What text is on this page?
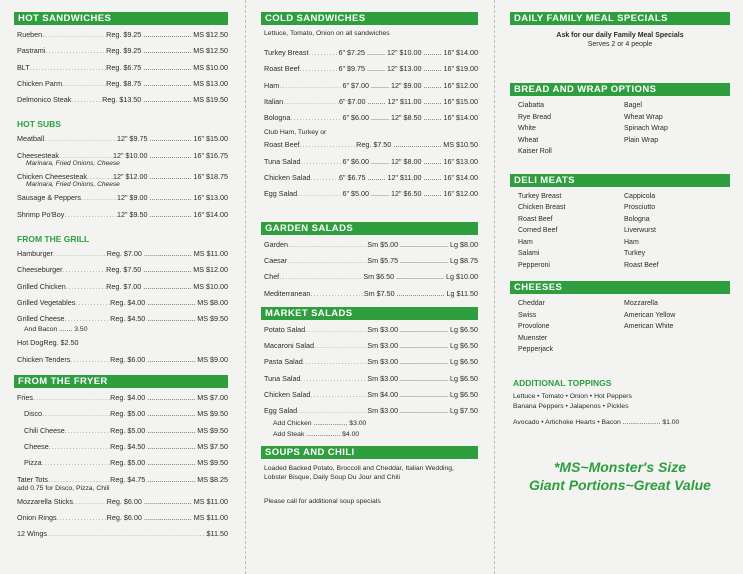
HOT SANDWICHES
Rueben .....	Reg. $9.25 ........................ MS $12.50
Pastrami .....	Reg. $9.25 ........................ MS $12.50
BLT .....	Reg. $6.75 ........................ MS $10.00
Chicken Parm .....	Reg. $8.75 ........................ MS $13.00
Delmonico Steak .....	Reg. $13.50 ........................ MS $19.50
HOT SUBS
Meatball .....	12" $9.75 ..................... 16" $15.00
Cheesesteak .....	12" $10.00 ..................... 16" $16.75
Marinara, Fried Onions, Cheese
Chicken Cheesesteak .....	12" $12.00 ..................... 16" $18.75
Marinara, Fried Onions, Cheese
Sausage & Peppers .....	12" $9.00 ..................... 16" $13.00
Shrimp Po'Boy .....	12" $9.50 ..................... 16" $14.00
FROM THE GRILL
Hamburger .....	Reg. $7.00 ........................ MS $11.00
Cheeseburger .....	Reg. $7.50 ........................ MS $12.00
Grilled Chicken .....	Reg. $7.00 ........................ MS $10.00
Grilled Vegetables .....	Reg. $4.00 ........................ MS $8.00
Grilled Cheese .....	Reg. $4.50 ........................ MS $9.50
And Bacon ....... 3.50
Hot Dog Reg. $2.50
Chicken Tenders .....	Reg. $6.00 ........................ MS $9.00
FROM THE FRYER
Fries .....	Reg. $4.00 ........................ MS $7.00
Disco .....	Reg. $5.00 ........................ MS $9.50
Chili Cheese .....	Reg. $5.00 ........................ MS $9.50
Cheese .....	Reg. $4.50 ........................ MS $7.50
Pizza .....	Reg. $5.00 ........................ MS $9.50
Tater Tots .....	Reg. $4.75 ........................ MS $8.25
add 0.75 for Disco, Pizza, Chili
Mozzarella Sticks .....	Reg. $6.00 ........................ MS $11.00
Onion Rings .....	Reg. $6.00 ........................ MS $11.00
12 Wings .....	$11.50
COLD SANDWICHES
Lettuce, Tomato, Onion on all sandwiches
Turkey Breast .....	6" $7.25 ......... 12" $10.00 ......... 16" $14.00
Roast Beef .....	6" $9.75 ......... 12" $13.00 ......... 16" $19.00
Ham .....	6" $7.00 ......... 12" $9.00 ......... 16" $12.00
Italian .....	6" $7.00 ......... 12" $11.00 ......... 16" $15.00
Bologna .....	6" $6.00 ......... 12" $8.50 ......... 16" $14.00
Club Ham, Turkey or
Roast Beef .....	Reg. $7.50 ........................ MS $10.50
Tuna Salad .....	6" $6.00 ......... 12" $8.00 ......... 16" $13.00
Chicken Salad .....	6" $6.75 ......... 12" $11.00 ......... 16" $14.00
Egg Salad .....	6" $5.00 ......... 12" $6.50 ......... 16" $12.00
GARDEN SALADS
Garden .....	Sm $5.00 ........................ Lg $8.00
Caesar .....	Sm $5.75 ........................ Lg $8.75
Chef .....	Sm $6.50 ........................ Lg $10.00
Mediterranean .....	Sm $7.50 ........................ Lg $11.50
MARKET SALADS
Potato Salad .....	Sm $3.00 ........................ Lg $6.50
Macaroni Salad .....	Sm $3.00 ........................ Lg $6.50
Pasta Salad .....	Sm $3.00 ........................ Lg $6.50
Tuna Salad .....	Sm $3.00 ........................ Lg $6.50
Chicken Salad .....	Sm $4.00 ........................ Lg $6.50
Egg Salad .....	Sm $3.00 ........................ Lg $7.50
Add Chicken .................. $3.00
Add Steak .................. $4.00
SOUPS AND CHILI
Loaded Backed Potato, Broccoli and Cheddar, Italian Wedding, Lobster Bisque, Daily Soup Du Jour and Chili
Please call for additional soup specials
DAILY FAMILY MEAL SPECIALS
Ask for our daily Family Meal Specials
Serves 2 or 4 people
BREAD AND WRAP OPTIONS
Ciabatta	Bagel
Rye Bread	Wheat Wrap
White	Spinach Wrap
Wheat	Plain Wrap
Kaiser Roll
DELI MEATS
Turkey Breast	Cappicola
Chicken Breast	Prosciutto
Roast Beef	Bologna
Corned Beef	Liverwurst
Ham	Ham
Salami	Turkey
Pepperoni	Roast Beef
CHEESES
Cheddar	Mozzarella
Swiss	American Yellow
Provolone	American White
Muenster
Pepperjack
ADDITIONAL TOPPINGS
Lettuce • Tomato • Onion • Hot Peppers
Banana Peppers • Jalapenos • Pickles
Avocado • Artichoke Hearts • Bacon .................... $1.00
*MS~Monster's Size
Giant Portions~Great Value
